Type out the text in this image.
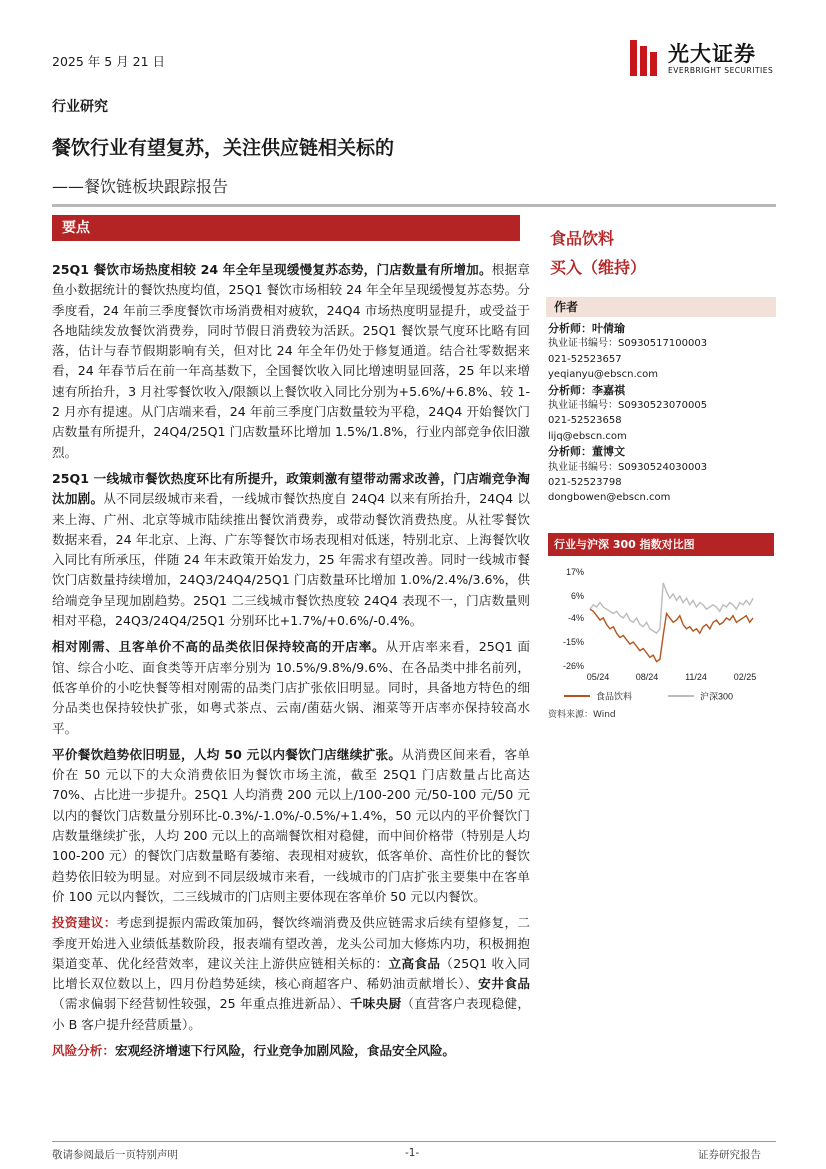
2025 年 5 月 21 日	光大证券
EVERBRIGHT SECURITIES
行业研究
餐饮行业有望复苏，关注供应链相关标的
——餐饮链板块跟踪报告
要点

25Q1 餐饮市场热度相较 24 年全年呈现缓慢复苏态势，门店数量有所增加。根据章鱼小数据统计的餐饮热度均值，25Q1 餐饮市场相较 24 年全年呈现缓慢复苏态势。分季度看，24 年前三季度餐饮市场消费相对疲软，24Q4 市场热度明显提升，或受益于各地陆续发放餐饮消费券，同时节假日消费较为活跃。25Q1 餐饮景气度环比略有回落，估计与春节假期影响有关，但对比 24 年全年仍处于修复通道。结合社零数据来看，24 年春节后在前一年高基数下，全国餐饮收入同比增速明显回落，25 年以来增速有所抬升，3 月社零餐饮收入/限额以上餐饮收入同比分别为+5.6%/+6.8%、较 1-2 月亦有提速。从门店端来看，24 年前三季度门店数量较为平稳，24Q4 开始餐饮门店数量有所提升，24Q4/25Q1 门店数量环比增加 1.5%/1.8%，行业内部竞争依旧激烈。

25Q1 一线城市餐饮热度环比有所提升，政策刺激有望带动需求改善，门店端竞争淘汰加剧。从不同层级城市来看，一线城市餐饮热度自 24Q4 以来有所抬升，24Q4 以来上海、广州、北京等城市陆续推出餐饮消费券，或带动餐饮消费热度。从社零餐饮数据来看，24 年北京、上海、广东等餐饮市场表现相对低迷，特别北京、上海餐饮收入同比有所承压，伴随 24 年末政策开始发力，25 年需求有望改善。同时一线城市餐饮门店数量持续增加，24Q3/24Q4/25Q1 门店数量环比增加 1.0%/2.4%/3.6%，供给端竞争呈现加剧趋势。25Q1 二三线城市餐饮热度较 24Q4 表现不一，门店数量则相对平稳，24Q3/24Q4/25Q1 分别环比+1.7%/+0.6%/-0.4%。

相对刚需、且客单价不高的品类依旧保持较高的开店率。从开店率来看，25Q1 面馆、综合小吃、面食类等开店率分别为 10.5%/9.8%/9.6%、在各品类中排名前列，低客单价的小吃快餐等相对刚需的品类门店扩张依旧明显。同时，具备地方特色的细分品类也保持较快扩张，如粤式茶点、云南/菌菇火锅、湘菜等开店率亦保持较高水平。

平价餐饮趋势依旧明显，人均 50 元以内餐饮门店继续扩张。从消费区间来看，客单价在 50 元以下的大众消费依旧为餐饮市场主流，截至 25Q1 门店数量占比高达 70%、占比进一步提升。25Q1 人均消费 200 元以上/100-200 元/50-100 元/50 元以内的餐饮门店数量分别环比-0.3%/-1.0%/-0.5%/+1.4%，50 元以内的平价餐饮门店数量继续扩张，人均 200 元以上的高端餐饮相对稳健，而中间价格带（特别是人均 100-200 元）的餐饮门店数量略有萎缩、表现相对疲软，低客单价、高性价比的餐饮趋势依旧较为明显。对应到不同层级城市来看，一线城市的门店扩张主要集中在客单价 100 元以内餐饮，二三线城市的门店则主要体现在客单价 50 元以内餐饮。

投资建议：考虑到提振内需政策加码，餐饮终端消费及供应链需求后续有望修复，二季度开始进入业绩低基数阶段，报表端有望改善，龙头公司加大修炼内功，积极拥抱渠道变革、优化经营效率，建议关注上游供应链相关标的：立高食品（25Q1 收入同比增长双位数以上，四月份趋势延续，核心商超客户、稀奶油贡献增长）、安井食品（需求偏弱下经营韧性较强，25 年重点推进新品）、千味央厨（直营客户表现稳健，小 B 客户提升经营质量）。

风险分析：宏观经济增速下行风险，行业竞争加剧风险，食品安全风险。

食品饮料
买入（维持）
作者
分析师：叶倩瑜
执业证书编号：S0930517100003
021-52523657
yeqianyu@ebscn.com
分析师：李嘉祺
执业证书编号：S0930523070005
021-52523658
lijq@ebscn.com
分析师：董博文
执业证书编号：S0930524030003
021-52523798
dongbowen@ebscn.com
行业与沪深 300 指数对比图
17%
6%
-4%
-15%
-26%
05/24	08/24	11/24	02/25
食品饮料	沪深300
资料来源：Wind
敬请参阅最后一页特别声明	-1-	证券研究报告
